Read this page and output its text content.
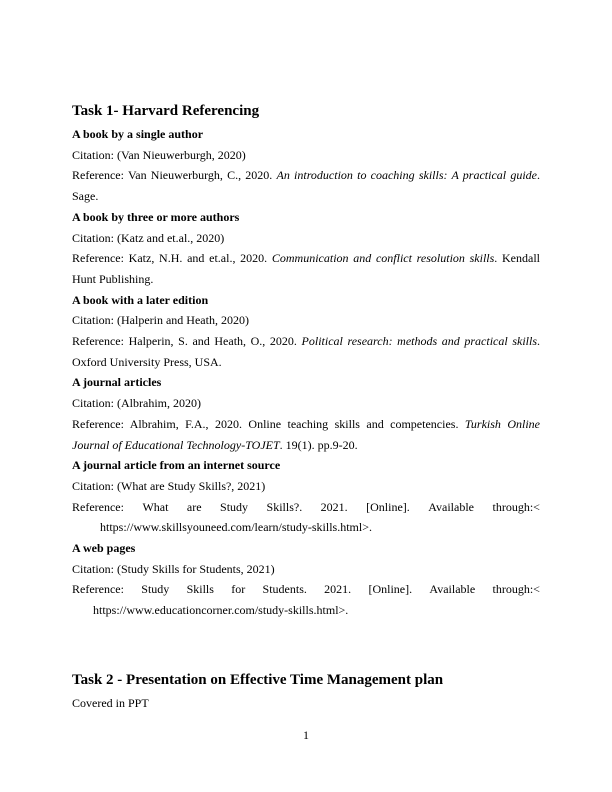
Task 1- Harvard Referencing

A book by a single author

Citation: (Van Nieuwerburgh, 2020)

Reference: Van Nieuwerburgh, C., 2020. An introduction to coaching skills: A practical guide. Sage.

A book by three or more authors

Citation: (Katz and et.al., 2020)

Reference: Katz, N.H. and et.al., 2020. Communication and conflict resolution skills. Kendall Hunt Publishing.

A book with a later edition

Citation: (Halperin and Heath, 2020)

Reference: Halperin, S. and Heath, O., 2020. Political research: methods and practical skills. Oxford University Press, USA.

A journal articles

Citation: (Albrahim, 2020)

Reference: Albrahim, F.A., 2020. Online teaching skills and competencies. Turkish Online Journal of Educational Technology-TOJET. 19(1). pp.9-20.

A journal article from an internet source

Citation: (What are Study Skills?, 2021)

Reference: What are Study Skills?. 2021. [Online]. Available through:<
https://www.skillsyouneed.com/learn/study-skills.html>.

A web pages

Citation: (Study Skills for Students, 2021)

Reference: Study Skills for Students. 2021. [Online]. Available through:<
https://www.educationcorner.com/study-skills.html>.

Task 2 - Presentation on Effective Time Management plan

Covered in PPT

1
